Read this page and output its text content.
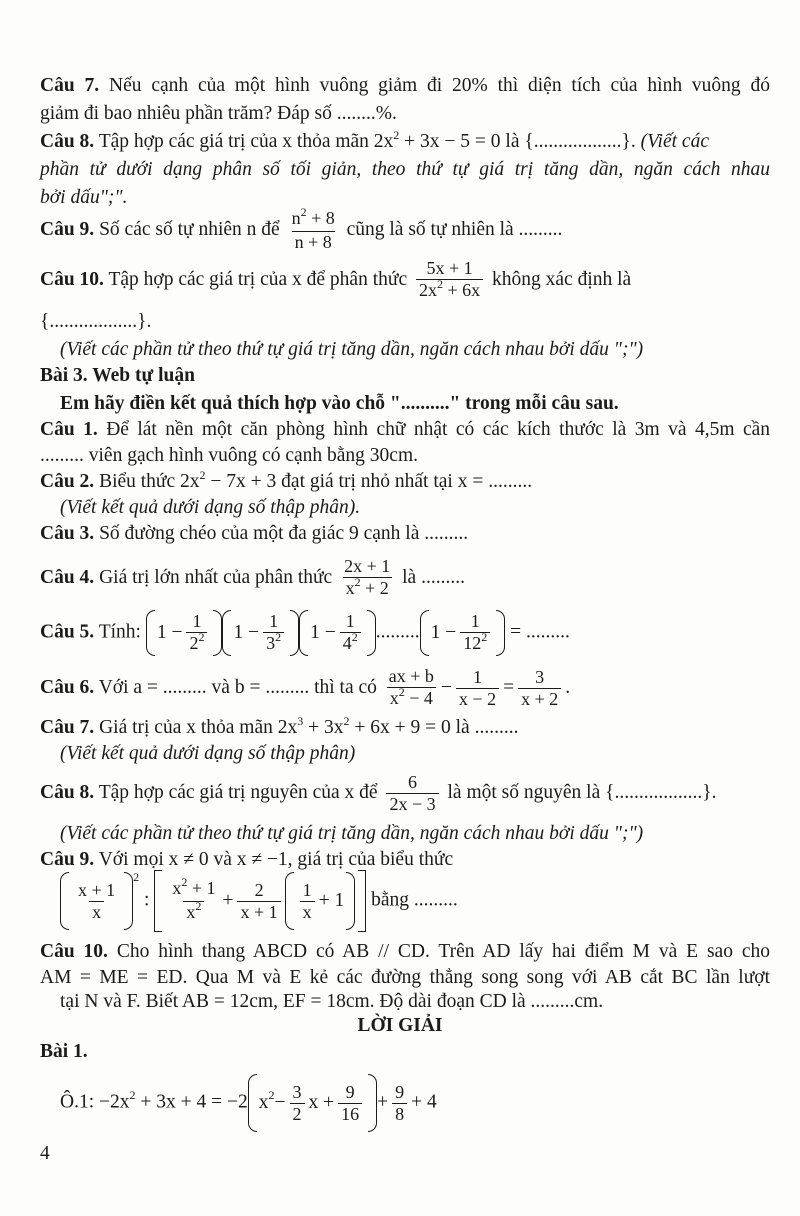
Câu 7. Nếu cạnh của một hình vuông giảm đi 20% thì diện tích của hình vuông đó
giảm đi bao nhiêu phần trăm? Đáp số ........%.
Câu 8. Tập hợp các giá trị của x thỏa mãn $2x^2 + 3x - 5 = 0$ là {..................}. (Viết các
phần tử dưới dạng phân số tối giản, theo thứ tự giá trị tăng dần, ngăn cách nhau
bởi dấu";".
Câu 9. Số các số tự nhiên n để $\frac{n^2 + 8}{n + 8}$ cũng là số tự nhiên là .........
Câu 10. Tập hợp các giá trị của x để phân thức $\frac{5x + 1}{2x^2 + 6x}$ không xác định là
{..................}.
(Viết các phần tử theo thứ tự giá trị tăng dần, ngăn cách nhau bởi dấu ";")
Bài 3. Web tự luận
Em hãy điền kết quả thích hợp vào chỗ ".........." trong mỗi câu sau.
Câu 1. Để lát nền một căn phòng hình chữ nhật có các kích thước là 3m và 4,5m cần
......... viên gạch hình vuông có cạnh bằng 30cm.
Câu 2. Biểu thức $2x^2 - 7x + 3$ đạt giá trị nhỏ nhất tại x = .........
(Viết kết quả dưới dạng số thập phân).
Câu 3. Số đường chéo của một đa giác 9 cạnh là .........
Câu 4. Giá trị lớn nhất của phân thức $\frac{2x + 1}{x^2 + 2}$ là .........
Câu 5. Tính: $1 - \frac{1}{2^2} 1 - \frac{1}{3^2} 1 - \frac{1}{4^2}$ ......... $1 - \frac{1}{12^2}$ = .........
Câu 6. Với a = ......... và b = ......... thì ta có $\frac{ax + b}{x^2 - 4} - \frac{1}{x - 2} = \frac{3}{x + 2}$ .
Câu 7. Giá trị của x thỏa mãn $2x^3 + 3x^2 + 6x + 9 = 0$ là .........
(Viết kết quả dưới dạng số thập phân)
Câu 8. Tập hợp các giá trị nguyên của x để $\frac{6}{2x - 3}$ là một số nguyên là {..................}.
(Viết các phần tử theo thứ tự giá trị tăng dần, ngăn cách nhau bởi dấu ";")
Câu 9. Với mọi x ≠ 0 và x ≠ −1, giá trị của biểu thức
$\frac{x + 1}{x}$
$^2$ : $\frac{x^2 + 1}{x^2} + \frac{2}{x + 1} \frac{1}{x} + 1$ bằng .........
Câu 10. Cho hình thang ABCD có AB // CD. Trên AD lấy hai điểm M và E sao cho
AM = ME = ED. Qua M và E kẻ các đường thẳng song song với AB cắt BC lần lượt
tại N và F. Biết AB = 12cm, EF = 18cm. Độ dài đoạn CD là .........cm.
LỜI GIẢI
Bài 1.
Ô.1: $-2x^2 + 3x + 4 = -2$ $x^2 - \frac{3}{2}$ $x + \frac{9}{16} + \frac{9}{8} + 4$
4
